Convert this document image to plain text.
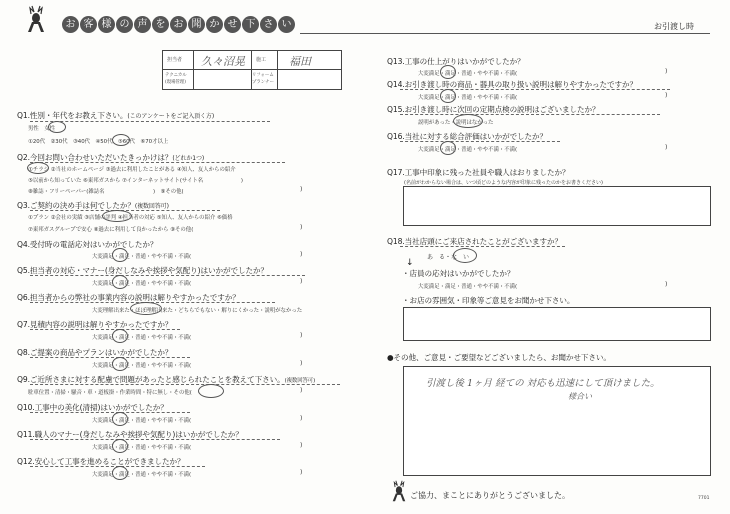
お 客 様 の 声 を お 聞 か せ 下 さ い	お引渡し時
担当者 久々沼晃 施工 福田
テクニカル
(現場管理)
リフォーム
プランナー
Q1.性別・年代をお教え下さい。(このアンケートをご記入頂く方)
男性　 女性
①20代　②30代　③40代　④50代　⑤60代　⑥70才以上
Q2.今回お問い合わせいただいたきっかけは？(どれか1つ)
①チラシ ②当社のホームページ ③過去に利用したことがある ④知人、友人からの紹介
⑤以前から知っていた ⑥東邦ガスから ⑦インターネットサイト(サイト名　　　　　　　)
⑧雑誌・フリーペーパー(雑誌名　　　　　　　　　)　⑨その他(	)
Q3.ご契約の決め手は何でしたか？(複数回答可)
①プラン ②会社の実績 ③店舗の評判 ④担当者の対応 ⑤知人、友人からの紹介 ⑥価格
⑦東邦ガスグループで安心 ⑧過去に利用して良かったから ⑨その他(	)
Q4.受付時の電話応対はいかがでしたか？
大変満足・満足・普通・やや不満・不満(	)
Q5.担当者の対応・マナー(身だしなみや挨拶や気配り)はいかがでしたか？
大変満足・満足・普通・やや不満・不満(	)
Q6.担当者からの弊社の事業内容の説明は解りやすかったですか？
大変理解出来た・ほぼ理解出来た・どちらでもない・解りにくかった・説明がなかった
Q7.見積内容の説明は解りやすかったですか？
大変満足・満足・普通・やや不満・不満(	)
Q8.ご提案の商品やプランはいかがでしたか？
大変満足・満足・普通・やや不満・不満(	)
Q9.ご近所さまに対する配慮で問題があったと感じられたことを教えて下さい。(複数回答可)
駐車位置・清掃・騒音・車・道板掛・作業時間・特に無し・その他(	)
Q10.工事中の美化(清掃)はいかがでしたか？
大変満足・満足・普通・やや不満・不満(	)
Q11.職人のマナー(身だしなみや挨拶や気配り)はいかがでしたか？
大変満足・満足・普通・やや不満・不満(	)
Q12.安心して工事を進めることができましたか？
大変満足・満足・普通・やや不満・不満(	)
Q13.工事の仕上がりはいかがでしたか？
大変満足・満足・普通・やや不満・不満(	)
Q14.お引き渡し時の商品・器具の取り扱い説明は解りやすかったですか？
大変満足・満足・普通・やや不満・不満(	)
Q15.お引き渡し時に次回の定期点検の説明はございましたか？
説明があった・説明はなかった
Q16.当社に対する総合評価はいかがでしたか？
大変満足・満足・普通・やや不満・不満(	)
Q17.工事中印象に残った社員や職人はおりましたか？
(名前がわからない場合は、いつ頃どのような内容が印象に残ったのかをお書きください)
Q18.当社店頭にご来店されたことがございますか？
あ　る・な　い
↓
・店員の応対はいかがでしたか？
大変満足・満足・普通・やや不満・不満(	)
・お店の雰囲気・印象等ご意見をお聞かせ下さい。
●その他、ご意見・ご要望などございましたら、お聞かせ下さい。
引渡し後 1ヶ月 経ての 対応も迅速にして頂けました。
様合い
ご協力、まことにありがとうございました。	7701
